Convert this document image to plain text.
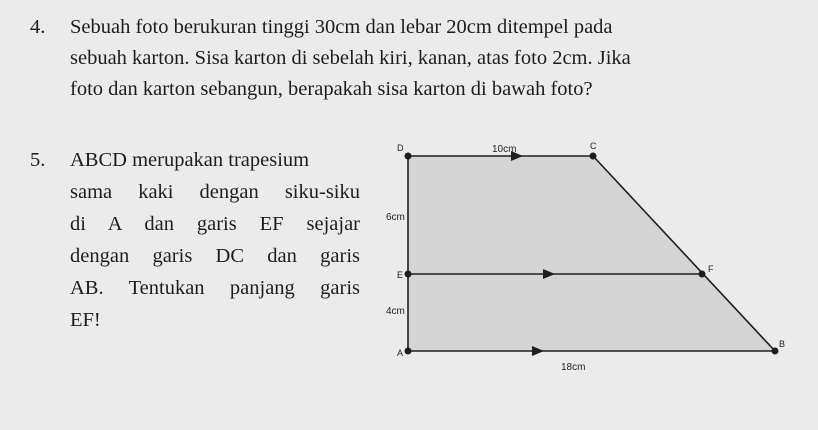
4.	Sebuah foto berukuran tinggi 30cm dan lebar 20cm ditempel pada
sebuah karton. Sisa karton di sebelah kiri, kanan, atas foto 2cm. Jika
foto dan karton sebangun, berapakah sisa karton di bawah foto?
5.	ABCD merupakan trapesium
sama kaki dengan siku-siku
di A dan garis EF sejajar
dengan garis DC dan garis
AB. Tentukan panjang garis
EF!
D	C
E
F
A
B
10cm
6cm
4cm
18cm
